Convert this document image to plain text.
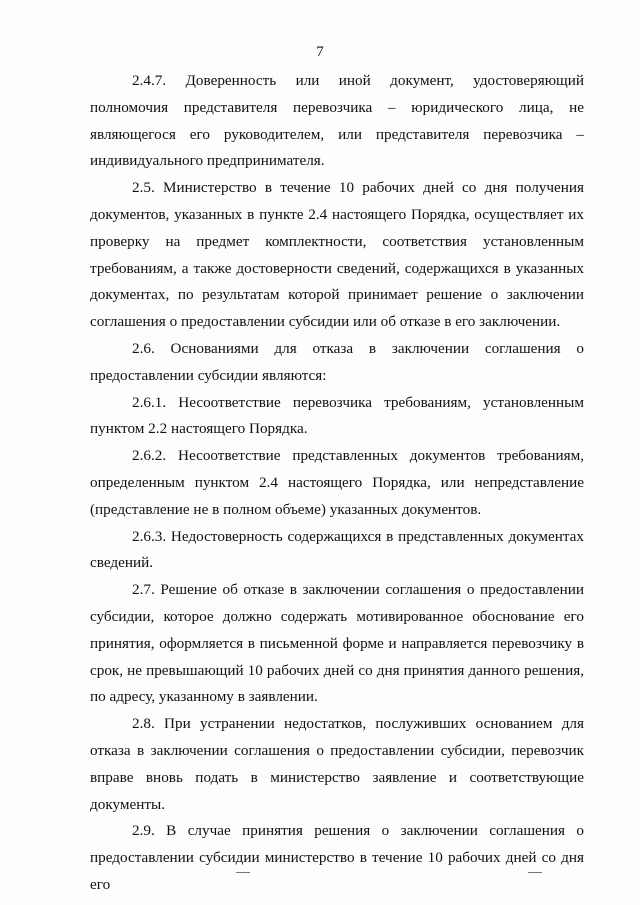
7

2.4.7. Доверенность или иной документ, удостоверяющий полномочия представителя перевозчика – юридического лица, не являющегося его руководителем, или представителя перевозчика – индивидуального предпринимателя.

2.5. Министерство в течение 10 рабочих дней со дня получения документов, указанных в пункте 2.4 настоящего Порядка, осуществляет их проверку на предмет комплектности, соответствия установленным требованиям, а также достоверности сведений, содержащихся в указанных документах, по результатам которой принимает решение о заключении соглашения о предоставлении субсидии или об отказе в его заключении.

2.6. Основаниями для отказа в заключении соглашения о предоставлении субсидии являются:

2.6.1. Несоответствие перевозчика требованиям, установленным пунктом 2.2 настоящего Порядка.

2.6.2. Несоответствие представленных документов требованиям, определенным пунктом 2.4 настоящего Порядка, или непредставление (представление не в полном объеме) указанных документов.

2.6.3. Недостоверность содержащихся в представленных документах сведений.

2.7. Решение об отказе в заключении соглашения о предоставлении субсидии, которое должно содержать мотивированное обоснование его принятия, оформляется в письменной форме и направляется перевозчику в срок, не превышающий 10 рабочих дней со дня принятия данного решения, по адресу, указанному в заявлении.

2.8. При устранении недостатков, послуживших основанием для отказа в заключении соглашения о предоставлении субсидии, перевозчик вправе вновь подать в министерство заявление и соответствующие документы.

2.9. В случае принятия решения о заключении соглашения о предоставлении субсидии министерство в течение 10 рабочих дней со дня его
